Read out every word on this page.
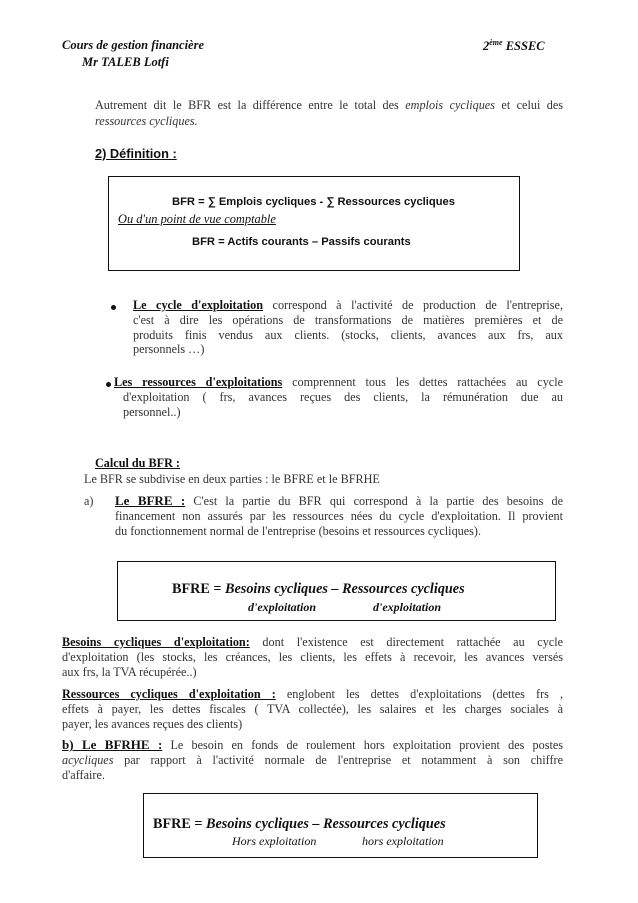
Cours de gestion financière
Mr TALEB Lotfi
2ème ESSEC
Autrement dit le BFR est la différence entre le total des emplois cycliques et celui des
ressources cycliques.
2) Définition :
BFR = ∑ Emplois cycliques - ∑ Ressources cycliques
Ou d'un point de vue comptable
BFR = Actifs courants – Passifs courants
Le cycle d'exploitation correspond à l'activité de production de l'entreprise,
c'est à dire les opérations de transformations de matières premières et de
produits finis vendus aux clients. (stocks, clients, avances aux frs, aux
personnels …)
Les ressources d'exploitations comprennent tous les dettes rattachées au cycle
d'exploitation ( frs, avances reçues des clients, la rémunération due au
personnel..)
Calcul du BFR :
Le BFR se subdivise en deux parties : le BFRE et le BFRHE
a) Le BFRE : C'est la partie du BFR qui correspond à la partie des besoins de
financement non assurés par les ressources nées du cycle d'exploitation. Il provient
du fonctionnement normal de l'entreprise (besoins et ressources cycliques).
BFRE = Besoins cycliques – Ressources cycliques
d'exploitation	d'exploitation
Besoins cycliques d'exploitation: dont l'existence est directement rattachée au cycle
d'exploitation (les stocks, les créances, les clients, les effets à recevoir, les avances versés
aux frs, la TVA récupérée..)
Ressources cycliques d'exploitation : englobent les dettes d'exploitations (dettes frs ,
effets à payer, les dettes fiscales ( TVA collectée), les salaires et les charges sociales à
payer, les avances reçues des clients)
b) Le BFRHE : Le besoin en fonds de roulement hors exploitation provient des postes
acycliques par rapport à l'activité normale de l'entreprise et notamment à son chiffre
d'affaire.
BFRE = Besoins cycliques – Ressources cycliques
Hors exploitation	hors exploitation
